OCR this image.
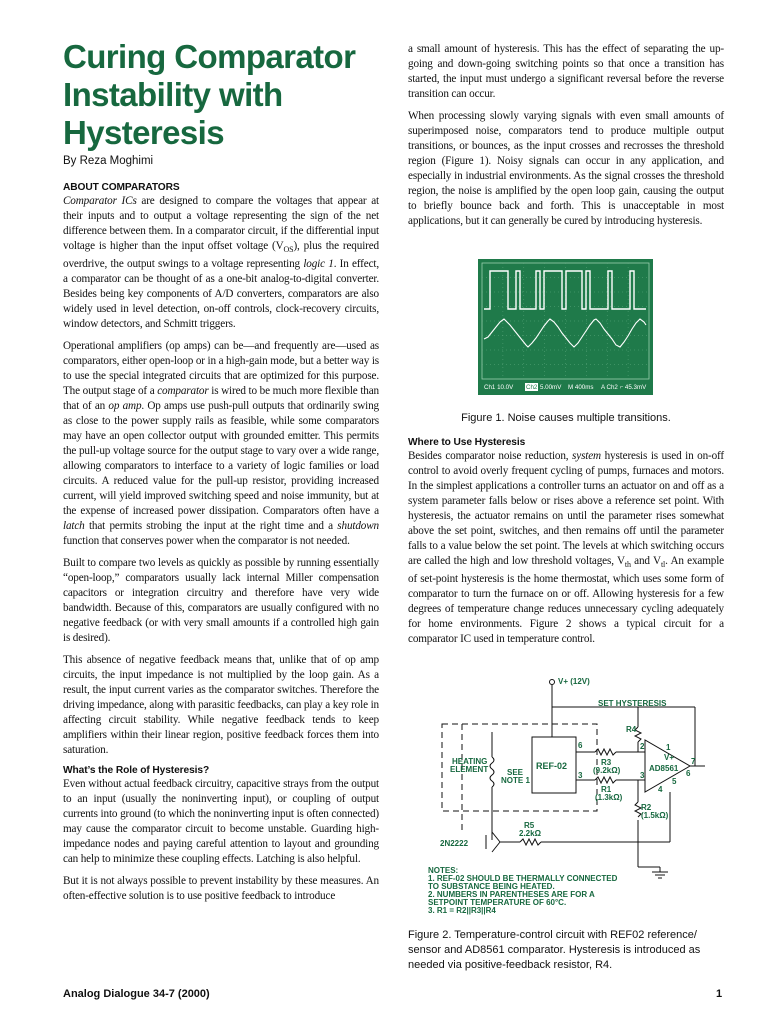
Curing Comparator Instability with Hysteresis
By Reza Moghimi
ABOUT COMPARATORS

Comparator ICs are designed to compare the voltages that appear at their inputs and to output a voltage representing the sign of the net difference between them. In a comparator circuit, if the differential input voltage is higher than the input offset voltage $(V_{OS})$, plus the required overdrive, the output swings to a voltage representing logic 1. In effect, a comparator can be thought of as a one-bit analog-to-digital converter. Besides being key components of A/D converters, comparators are also widely used in level detection, on-off controls, clock-recovery circuits, window detectors, and Schmitt triggers.

Operational amplifiers (op amps) can be—and frequently are—used as comparators, either open-loop or in a high-gain mode, but a better way is to use the special integrated circuits that are optimized for this purpose. The output stage of a comparator is wired to be much more flexible than that of an op amp. Op amps use push-pull outputs that ordinarily swing as close to the power supply rails as feasible, while some comparators may have an open collector output with grounded emitter. This permits the pull-up voltage source for the output stage to vary over a wide range, allowing comparators to interface to a variety of logic families or load circuits. A reduced value for the pull-up resistor, providing increased current, will yield improved switching speed and noise immunity, but at the expense of increased power dissipation. Comparators often have a latch that permits strobing the input at the right time and a shutdown function that conserves power when the comparator is not needed.

Built to compare two levels as quickly as possible by running essentially “open-loop,” comparators usually lack internal Miller compensation capacitors or integration circuitry and therefore have very wide bandwidth. Because of this, comparators are usually configured with no negative feedback (or with very small amounts if a controlled high gain is desired).

This absence of negative feedback means that, unlike that of op amp circuits, the input impedance is not multiplied by the loop gain. As a result, the input current varies as the comparator switches. Therefore the driving impedance, along with parasitic feedbacks, can play a key role in affecting circuit stability. While negative feedback tends to keep amplifiers within their linear region, positive feedback forces them into saturation.

What’s the Role of Hysteresis?

Even without actual feedback circuitry, capacitive strays from the output to an input (usually the noninverting input), or coupling of output currents into ground (to which the noninverting input is often connected) may cause the comparator circuit to become unstable. Guarding high-impedance nodes and paying careful attention to layout and grounding can help to minimize these coupling effects. Latching is also helpful.

But it is not always possible to prevent instability by these measures. An often-effective solution is to use positive feedback to introduce

a small amount of hysteresis. This has the effect of separating the up-going and down-going switching points so that once a transition has started, the input must undergo a significant reversal before the reverse transition can occur.

When processing slowly varying signals with even small amounts of superimposed noise, comparators tend to produce multiple output transitions, or bounces, as the input crosses and recrosses the threshold region (Figure 1). Noisy signals can occur in any application, and especially in industrial environments. As the signal crosses the threshold region, the noise is amplified by the open loop gain, causing the output to briefly bounce back and forth. This is unacceptable in most applications, but it can generally be cured by introducing hysteresis.

Ch1 10.0V Ch2 5.00mV M 400ms A Ch2 ⌐ 45.3mV
Figure 1. Noise causes multiple transitions.
Where to Use Hysteresis

Besides comparator noise reduction, system hysteresis is used in on-off control to avoid overly frequent cycling of pumps, furnaces and motors. In the simplest applications a controller turns an actuator on and off as a system parameter falls below or rises above a reference set point. With hysteresis, the actuator remains on until the parameter rises somewhat above the set point, switches, and then remains off until the parameter falls to a value below the set point. The levels at which switching occurs are called the high and low threshold voltages, $V_{th}$ and $V_{tl}$. An example of set-point hysteresis is the home thermostat, which uses some form of comparator to turn the furnace on or off. Allowing hysteresis for a few degrees of temperature change reduces unnecessary cycling adequately for home environments. Figure 2 shows a typical circuit for a comparator IC used in temperature control.

V+ (12V)
SET HYSTERESIS
R4
HEATING
ELEMENT SEE
NOTE 1
REF-02
6
3
R3
(9.2kΩ)
R1
(1.3kΩ)
2	1
3
4
5
6
7
V+
AD8561
R2
(1.5kΩ)
R5
2.2kΩ
2N2222
NOTES:
1. REF-02 SHOULD BE THERMALLY CONNECTED
TO SUBSTANCE BEING HEATED.
2. NUMBERS IN PARENTHESES ARE FOR A
SETPOINT TEMPERATURE OF 60°C.
3. R1 = R2||R3||R4
Figure 2. Temperature-control circuit with REF02 reference/ sensor and AD8561 comparator. Hysteresis is introduced as needed via positive-feedback resistor, R4.
Analog Dialogue 34-7 (2000)	1
